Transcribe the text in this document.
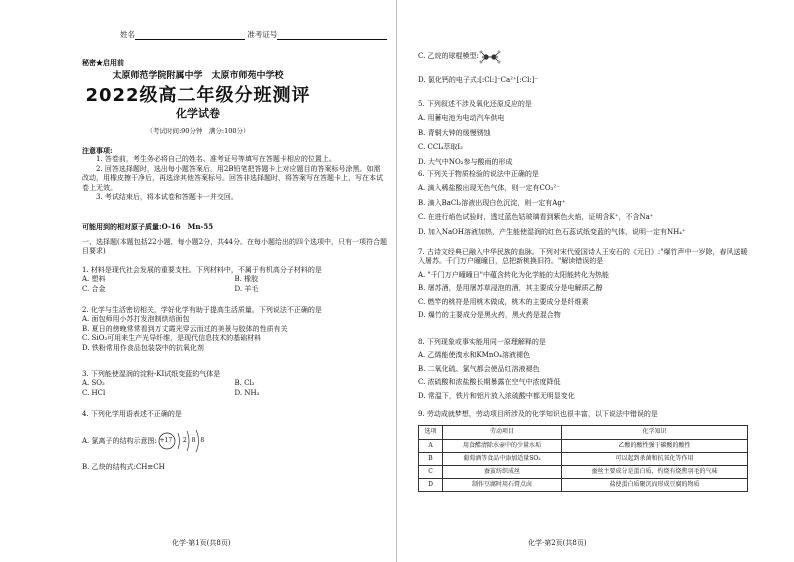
姓名	准考证号
秘密★启用前
太原师范学院附属中学　太原市师苑中学校
2022级高二年级分班测评
化学试卷
（考试时间:90分钟　满分:100分）
注意事项:
1. 答卷前，考生务必将自己的姓名、准考证号等填写在答题卡相应的位置上。
2. 回答选择题时，选出每小题答案后，用2B铅笔把答题卡上对应题目的答案标号涂黑。如需改动，用橡皮擦干净后，再选涂其他答案标号。回答非选择题时，将答案写在答题卡上，写在本试卷上无效。
3. 考试结束后，将本试卷和答题卡一并交回。
可能用到的相对原子质量:O-16　Mn-55
一、选择题(本题包括22小题，每小题2分，共44分。在每小题给出的四个选项中，只有一项符合题目要求)
1. 材料是现代社会发展的重要支柱。下列材料中，不属于有机高分子材料的是
A. 塑料	B. 橡胶
C. 合金	D. 羊毛
2. 化学与生活密切相关，学好化学有助于提高生活质量。下列说法不正确的是
A. 面包师用小苏打发泡制烘焙面包
B. 夏日的傍晚常常看到万丈霞光穿云而过的美景与胶体的性质有关
C. SiO₂可用来生产光导纤维，是现代信息技术的基础材料
D. 铁粉常用作食品包装袋中的抗氧化剂
3. 下列能使湿润的淀粉-KI试纸变蓝的气体是
A. SO₂	B. Cl₂
C. HCl	D. NH₃
4. 下列化学用语表述不正确的是
A. 氯离子的结构示意图: +17 2 8 8
B. 乙炔的结构式:CH≡CH
化学·第1页(共8页)
C. 乙烷的球棍模型:
D. 氯化钙的电子式:[:Cl:]⁻Ca²⁺[:Cl:]⁻
5. 下列叙述不涉及氧化还原反应的是
A. 用蓄电池为电动汽车供电
B. 青铜大钟的缓慢锈蚀
C. CCl₄萃取I₂
D. 大气中NO₂参与酸雨的形成
6. 下列关于物质检验的说法中正确的是
A. 滴入稀盐酸出现无色气体，则一定有CO₃²⁻
B. 滴入BaCl₂溶液出现白色沉淀，则一定有Ag⁺
C. 在进行焰色试验时，透过蓝色钴玻璃看到紫色火焰，证明含K⁺，不含Na⁺
D. 加入NaOH溶液加热，产生能使湿润的红色石蕊试纸变蓝的气体，说明一定有NH₄⁺
7. 古诗文经典已融入中华民族的血脉。下列对宋代爱国诗人王安石的《元日》:"爆竹声中一岁除，春风送暖入屠苏。千门万户曈曈日，总把新桃换旧符。"解读错误的是
A. "千门万户曈曈日"中蕴含转化为化学能的太阳能转化为热能
B. 屠苏酒，是用屠苏草浸泡的酒，其主要成分是电解质乙醇
C. 燃竿的桃符是用桃木做成，桃木的主要成分是纤维素
D. 爆竹的主要成分是黑火药，黑火药是混合物
8. 下列现象或事实能用同一原理解释的是
A. 乙烯能使溴水和KMnO₄溶液褪色
B. 二氧化硫、氯气都会使品红溶液褪色
C. 浓硫酸和浓盐酸长期暴露在空气中浓度降低
D. 常温下，铁片和铝片放入浓硫酸中都无明显变化
9. 劳动成就梦想，劳动项目所涉及的化学知识也很丰富，以下说法中错误的是
选项	劳动项目	化学知识
A	用食醋清除水壶中的少量水垢	乙酸的酸性强于碳酸的酸性
B	葡萄酒等食品中添加适量SO₂	可以起到杀菌和抗氧化等作用
C	蚕茧纺织成丝	蚕丝主要成分是蛋白质，灼烧有烧焦羽毛的气味
D	制作豆腐时用石膏点卤	盐使蛋白质聚沉而形成豆腐的物质
化学·第2页(共8页)
